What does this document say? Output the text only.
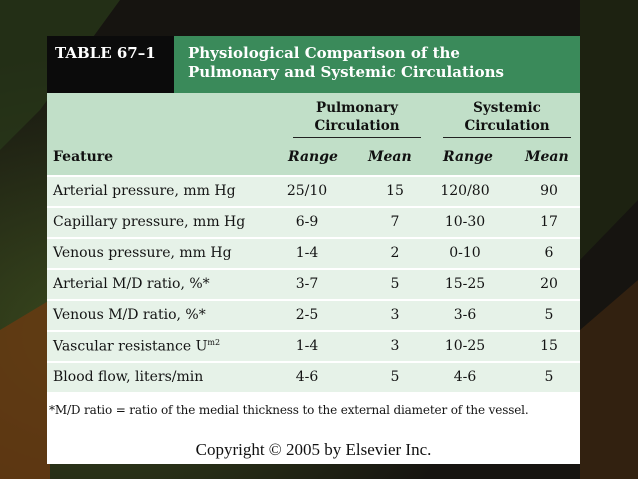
TABLE 67–1	Physiological Comparison of the
Pulmonary and Systemic Circulations
Pulmonary
Circulation
Systemic
Circulation
Feature	Range Mean Range Mean
Arterial pressure, mm Hg	25/10	15	120/80	90
Capillary pressure, mm Hg	6-9	7	10-30	17
Venous pressure, mm Hg	1-4	2	0-10	6
Arterial M/D ratio, %*	3-7	5	15-25	20
Venous M/D ratio, %*	2-5	3	3-6	5
Vascular resistance $U^{m2}$	1-4	3	10-25	15
Blood flow, liters/min	4-6	5	4-6	5
*M/D ratio = ratio of the medial thickness to the external diameter of the vessel.
Copyright © 2005 by Elsevier Inc.
